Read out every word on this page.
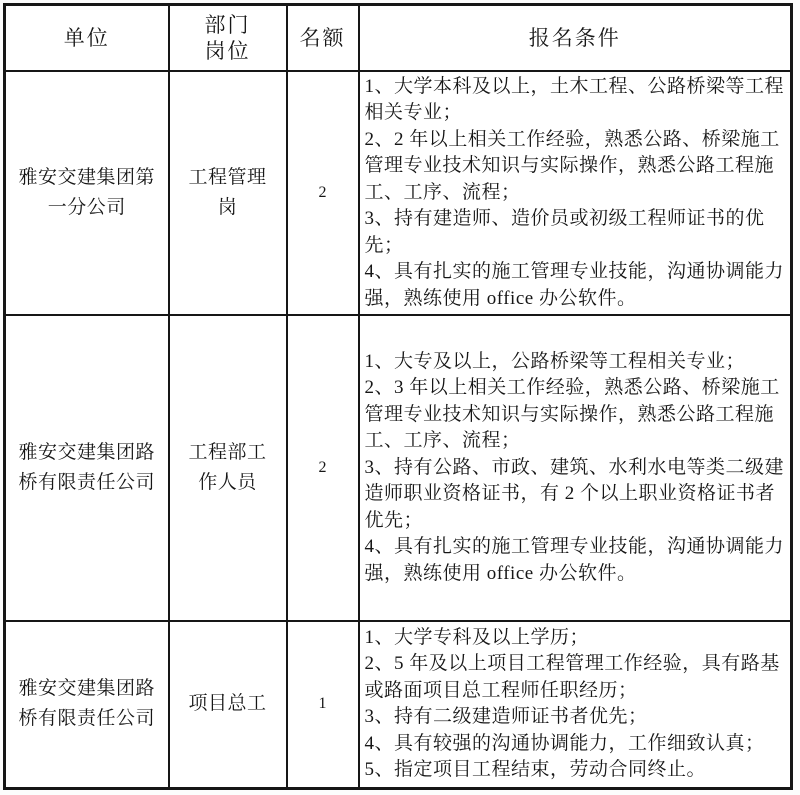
单位	部门岗位	名额	报名条件
雅安交建集团第一分公司	工程管理岗	2	1、大学本科及以上，土木工程、公路桥梁等工程相关专业；
2、2 年以上相关工作经验，熟悉公路、桥梁施工管理专业技术知识与实际操作，熟悉公路工程施工、工序、流程；
3、持有建造师、造价员或初级工程师证书的优先；
4、具有扎实的施工管理专业技能，沟通协调能力强，熟练使用 office 办公软件。

雅安交建集团路桥有限责任公司	工程部工作人员	2	1、大专及以上，公路桥梁等工程相关专业；
2、3 年以上相关工作经验，熟悉公路、桥梁施工管理专业技术知识与实际操作，熟悉公路工程施工、工序、流程；
3、持有公路、市政、建筑、水利水电等类二级建造师职业资格证书，有 2 个以上职业资格证书者优先；
4、具有扎实的施工管理专业技能，沟通协调能力强，熟练使用 office 办公软件。

雅安交建集团路桥有限责任公司	项目总工	1	1、大学专科及以上学历；
2、5 年及以上项目工程管理工作经验，具有路基或路面项目总工程师任职经历；
3、持有二级建造师证书者优先；
4、具有较强的沟通协调能力，工作细致认真；
5、指定项目工程结束，劳动合同终止。
